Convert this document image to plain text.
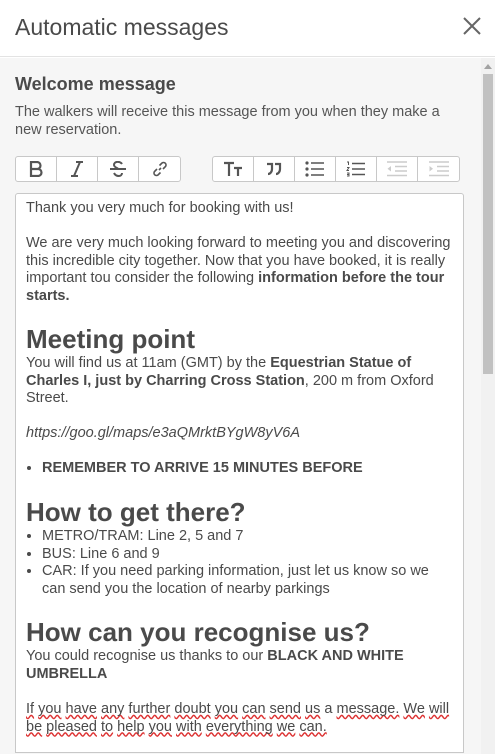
Automatic messages
Welcome message
The walkers will receive this message from you when they make a new reservation.

Thank you very much for booking with us!

We are very much looking forward to meeting you and discovering this incredible city together. Now that you have booked, it is really important tou consider the following information before the tour starts.

Meeting point

You will find us at 11am (GMT) by the Equestrian Statue of Charles I, just by Charring Cross Station, 200 m from Oxford Street.

https://goo.gl/maps/e3aQMrktBYgW8yV6A

• REMEMBER TO ARRIVE 15 MINUTES BEFORE
How to get there?
• METRO/TRAM: Line 2, 5 and 7
• BUS: Line 6 and 9
• CAR: If you need parking information, just let us know so we can send you the location of nearby parkings
How can you recognise us?

You could recognise us thanks to our BLACK AND WHITE UMBRELLA

If you have any further doubt you can send us a message. We will be pleased to help you with everything we can.
